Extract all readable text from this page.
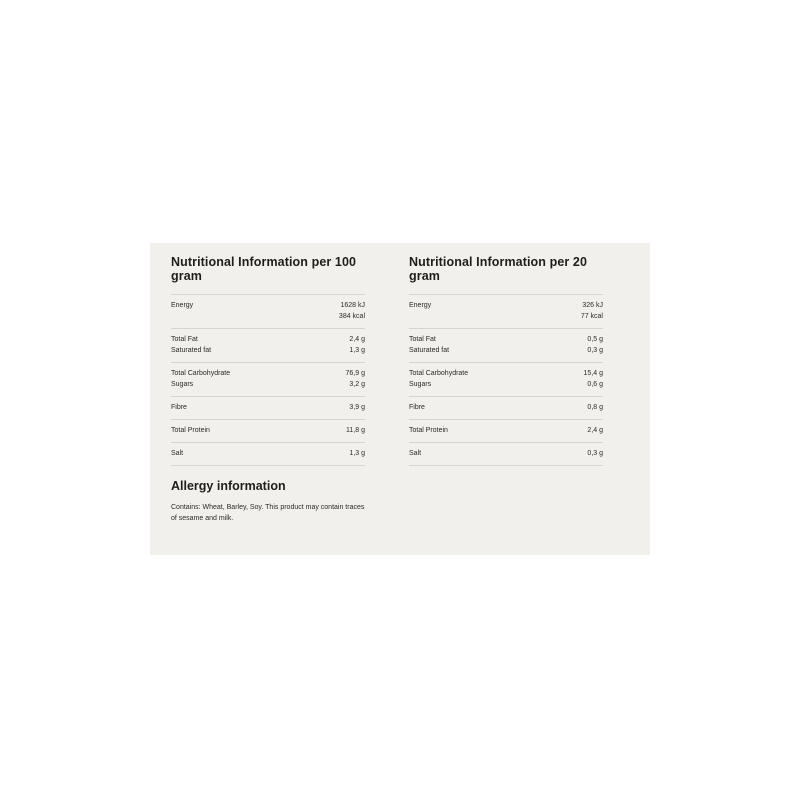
Nutritional Information per 100 gram
Energy	1628 kJ
384 kcal
Total Fat	2,4 g
Saturated fat	1,3 g
Total Carbohydrate	76,9 g
Sugars	3,2 g
Fibre	3,9 g
Total Protein	11,8 g
Salt	1,3 g
Nutritional Information per 20 gram
Energy	326 kJ
77 kcal
Total Fat	0,5 g
Saturated fat	0,3 g
Total Carbohydrate	15,4 g
Sugars	0,6 g
Fibre	0,8 g
Total Protein	2,4 g
Salt	0,3 g
Allergy information

Contains: Wheat, Barley, Soy. This product may contain traces of sesame and milk.
